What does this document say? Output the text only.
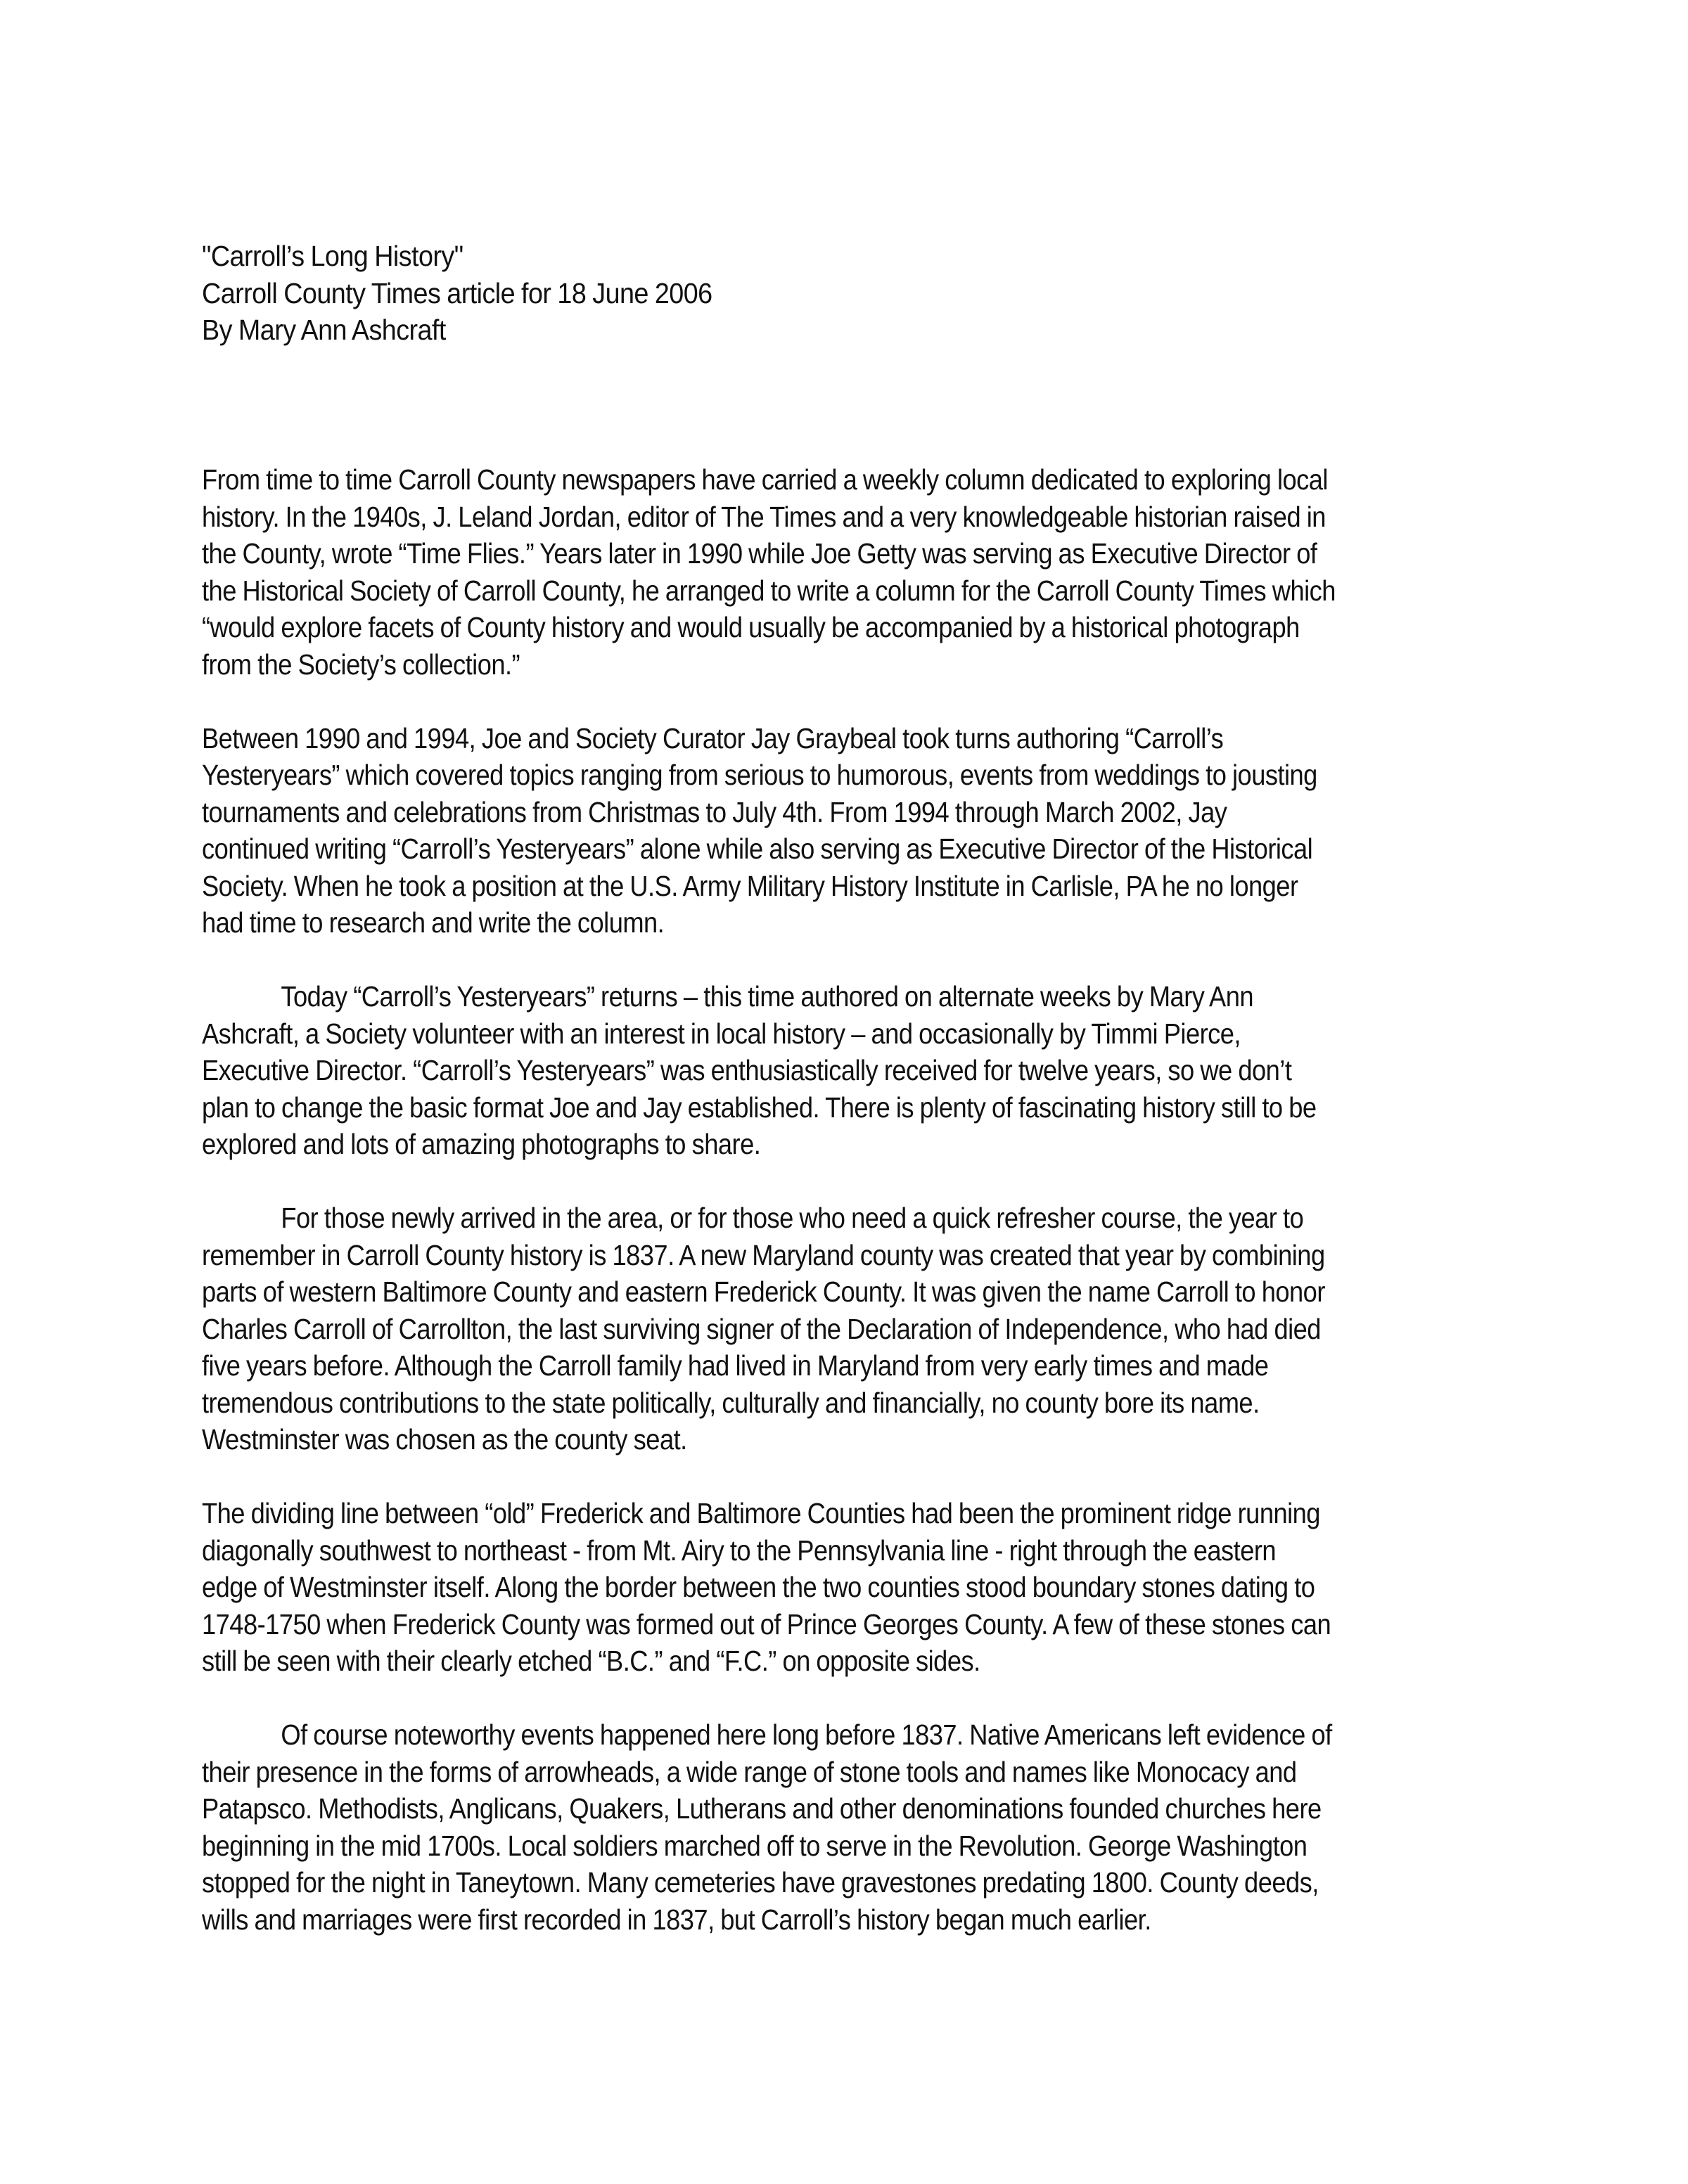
"Carroll’s Long History"
Carroll County Times article for 18 June 2006
By Mary Ann Ashcraft
From time to time Carroll County newspapers have carried a weekly column dedicated to exploring local
history. In the 1940s, J. Leland Jordan, editor of The Times and a very knowledgeable historian raised in
the County, wrote “Time Flies.” Years later in 1990 while Joe Getty was serving as Executive Director of
the Historical Society of Carroll County, he arranged to write a column for the Carroll County Times which
“would explore facets of County history and would usually be accompanied by a historical photograph
from the Society’s collection.”
Between 1990 and 1994, Joe and Society Curator Jay Graybeal took turns authoring “Carroll’s
Yesteryears” which covered topics ranging from serious to humorous, events from weddings to jousting
tournaments and celebrations from Christmas to July 4th. From 1994 through March 2002, Jay
continued writing “Carroll’s Yesteryears” alone while also serving as Executive Director of the Historical
Society. When he took a position at the U.S. Army Military History Institute in Carlisle, PA he no longer
had time to research and write the column.
Today “Carroll’s Yesteryears” returns – this time authored on alternate weeks by Mary Ann
Ashcraft, a Society volunteer with an interest in local history – and occasionally by Timmi Pierce,
Executive Director. “Carroll’s Yesteryears” was enthusiastically received for twelve years, so we don’t
plan to change the basic format Joe and Jay established. There is plenty of fascinating history still to be
explored and lots of amazing photographs to share.
For those newly arrived in the area, or for those who need a quick refresher course, the year to
remember in Carroll County history is 1837. A new Maryland county was created that year by combining
parts of western Baltimore County and eastern Frederick County. It was given the name Carroll to honor
Charles Carroll of Carrollton, the last surviving signer of the Declaration of Independence, who had died
five years before. Although the Carroll family had lived in Maryland from very early times and made
tremendous contributions to the state politically, culturally and financially, no county bore its name.
Westminster was chosen as the county seat.
The dividing line between “old” Frederick and Baltimore Counties had been the prominent ridge running
diagonally southwest to northeast - from Mt. Airy to the Pennsylvania line - right through the eastern
edge of Westminster itself. Along the border between the two counties stood boundary stones dating to
1748-1750 when Frederick County was formed out of Prince Georges County. A few of these stones can
still be seen with their clearly etched “B.C.” and “F.C.” on opposite sides.
Of course noteworthy events happened here long before 1837. Native Americans left evidence of
their presence in the forms of arrowheads, a wide range of stone tools and names like Monocacy and
Patapsco. Methodists, Anglicans, Quakers, Lutherans and other denominations founded churches here
beginning in the mid 1700s. Local soldiers marched off to serve in the Revolution. George Washington
stopped for the night in Taneytown. Many cemeteries have gravestones predating 1800. County deeds,
wills and marriages were first recorded in 1837, but Carroll’s history began much earlier.
